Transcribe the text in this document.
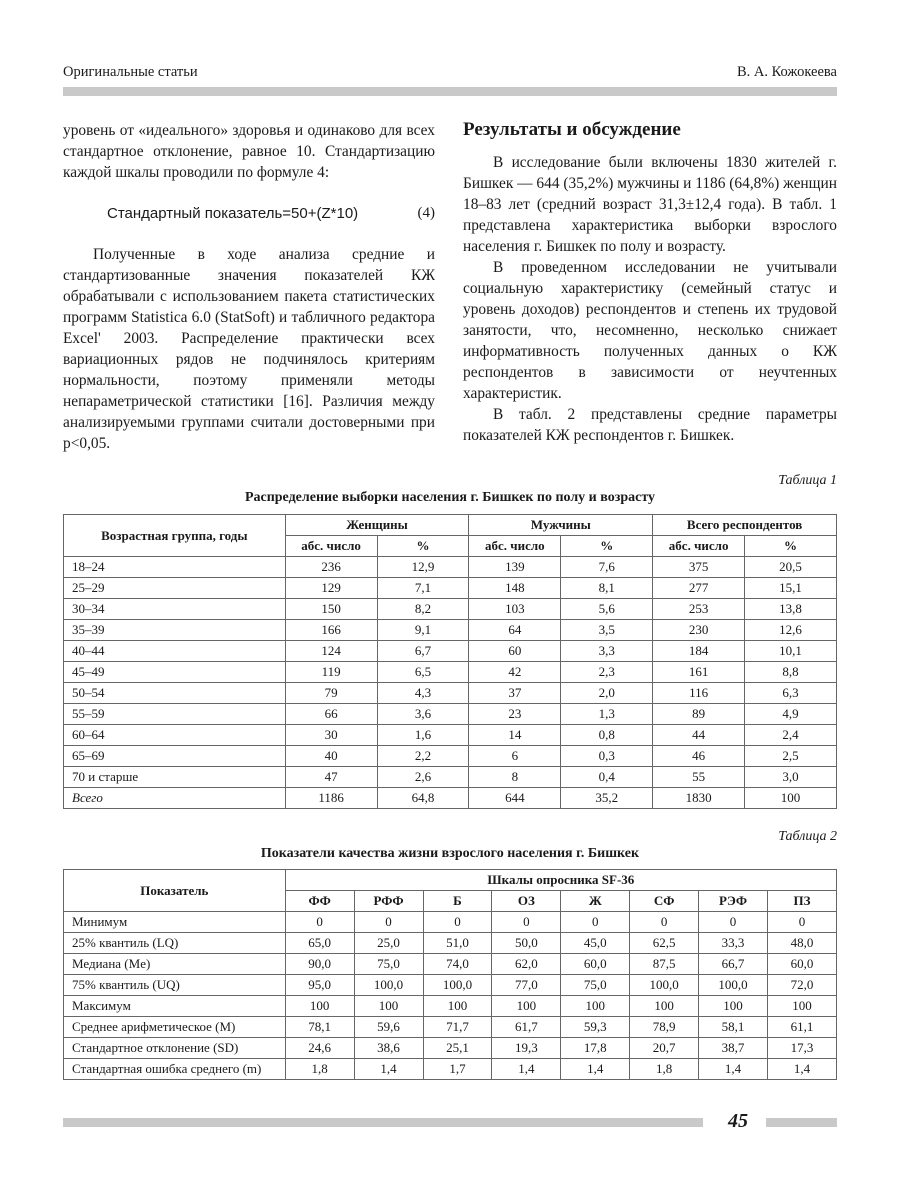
Оригинальные статьи	В. А. Кожокеева

уровень от «идеального» здоровья и одинаково для всех стандартное отклонение, равное 10. Стандартизацию каждой шкалы проводили по формуле 4:

Стандартный показатель=50+(Z*10)	(4)

Полученные в ходе анализа средние и стандартизованные значения показателей КЖ обрабатывали с использованием пакета статистических программ Statistica 6.0 (StatSoft) и табличного редактора Excel' 2003. Распределение практически всех вариационных рядов не подчинялось критериям нормальности, поэтому применяли методы непараметрической статистики [16]. Различия между анализируемыми группами считали достоверными при p<0,05.

Результаты и обсуждение

В исследование были включены 1830 жителей г. Бишкек — 644 (35,2%) мужчины и 1186 (64,8%) женщин 18–83 лет (средний возраст 31,3±12,4 года). В табл. 1 представлена характеристика выборки взрослого населения г. Бишкек по полу и возрасту.

В проведенном исследовании не учитывали социальную характеристику (семейный статус и уровень доходов) респондентов и степень их трудовой занятости, что, несомненно, несколько снижает информативность полученных данных о КЖ респондентов в зависимости от неучтенных характеристик.

В табл. 2 представлены средние параметры показателей КЖ респондентов г. Бишкек.

Таблица 1
Распределение выборки населения г. Бишкек по полу и возрасту
Возрастная группа, годы	Женщины		Мужчины		Всего респондентов	
	абс. число	%	абс. число	%	абс. число	%
18–24	236	12,9	139	7,6	375	20,5
25–29	129	7,1	148	8,1	277	15,1
30–34	150	8,2	103	5,6	253	13,8
35–39	166	9,1	64	3,5	230	12,6
40–44	124	6,7	60	3,3	184	10,1
45–49	119	6,5	42	2,3	161	8,8
50–54	79	4,3	37	2,0	116	6,3
55–59	66	3,6	23	1,3	89	4,9
60–64	30	1,6	14	0,8	44	2,4
65–69	40	2,2	6	0,3	46	2,5
70 и старше	47	2,6	8	0,4	55	3,0
Всего	1186	64,8	644	35,2	1830	100
Таблица 2
Показатели качества жизни взрослого населения г. Бишкек
Показатель	Шкалы опросника SF-36							
	ФФ	РФФ	Б	ОЗ	Ж	СФ	РЭФ	ПЗ
Минимум	0	0	0	0	0	0	0	0
25% квантиль (LQ)	65,0	25,0	51,0	50,0	45,0	62,5	33,3	48,0
Медиана (Me)	90,0	75,0	74,0	62,0	60,0	87,5	66,7	60,0
75% квантиль (UQ)	95,0	100,0	100,0	77,0	75,0	100,0	100,0	72,0
Максимум	100	100	100	100	100	100	100	100
Среднее арифметическое (M)	78,1	59,6	71,7	61,7	59,3	78,9	58,1	61,1
Стандартное отклонение (SD)	24,6	38,6	25,1	19,3	17,8	20,7	38,7	17,3
Стандартная ошибка среднего (m)	1,8	1,4	1,7	1,4	1,4	1,8	1,4	1,4
45
